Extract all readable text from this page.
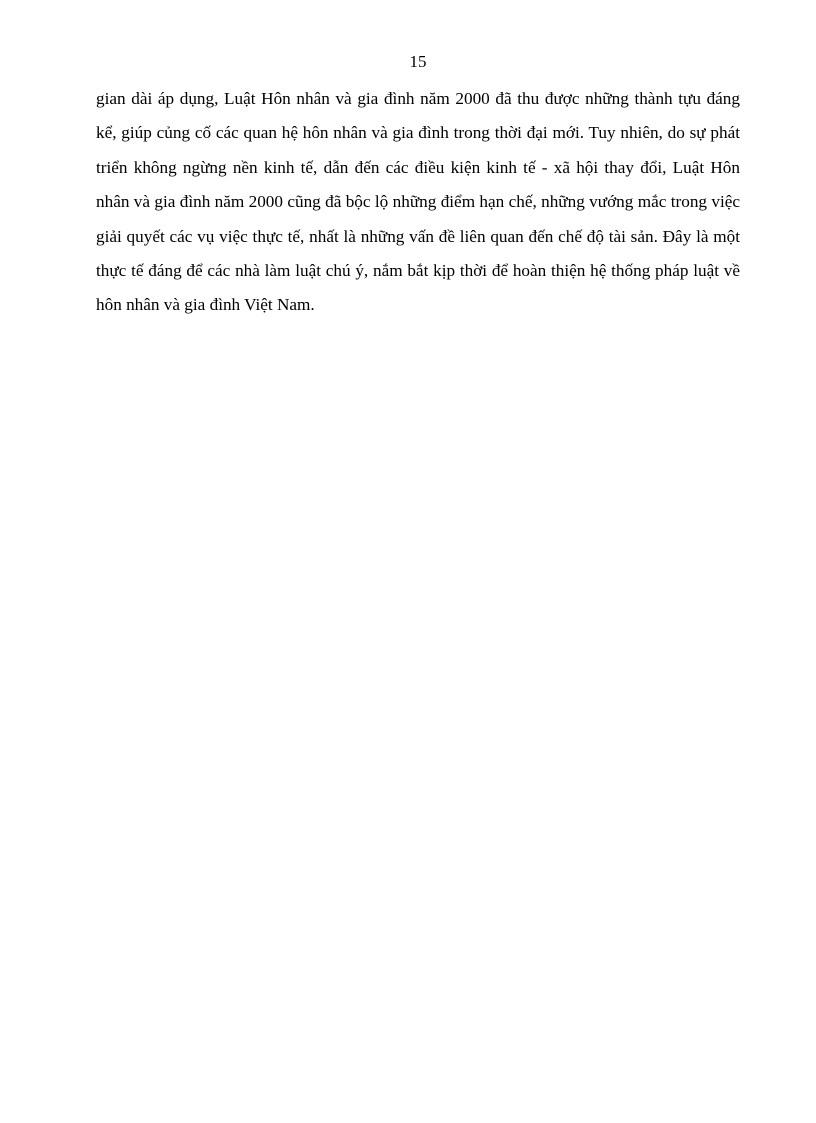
15

gian dài áp dụng, Luật Hôn nhân và gia đình năm 2000 đã thu được những thành tựu đáng kể, giúp củng cố các quan hệ hôn nhân và gia đình trong thời đại mới. Tuy nhiên, do sự phát triển không ngừng nền kinh tế, dẫn đến các điều kiện kinh tế - xã hội thay đổi, Luật Hôn nhân và gia đình năm 2000 cũng đã bộc lộ những điểm hạn chế, những vướng mắc trong việc giải quyết các vụ việc thực tế, nhất là những vấn đề liên quan đến chế độ tài sản. Đây là một thực tế đáng để các nhà làm luật chú ý, nắm bắt kịp thời để hoàn thiện hệ thống pháp luật về hôn nhân và gia đình Việt Nam.
